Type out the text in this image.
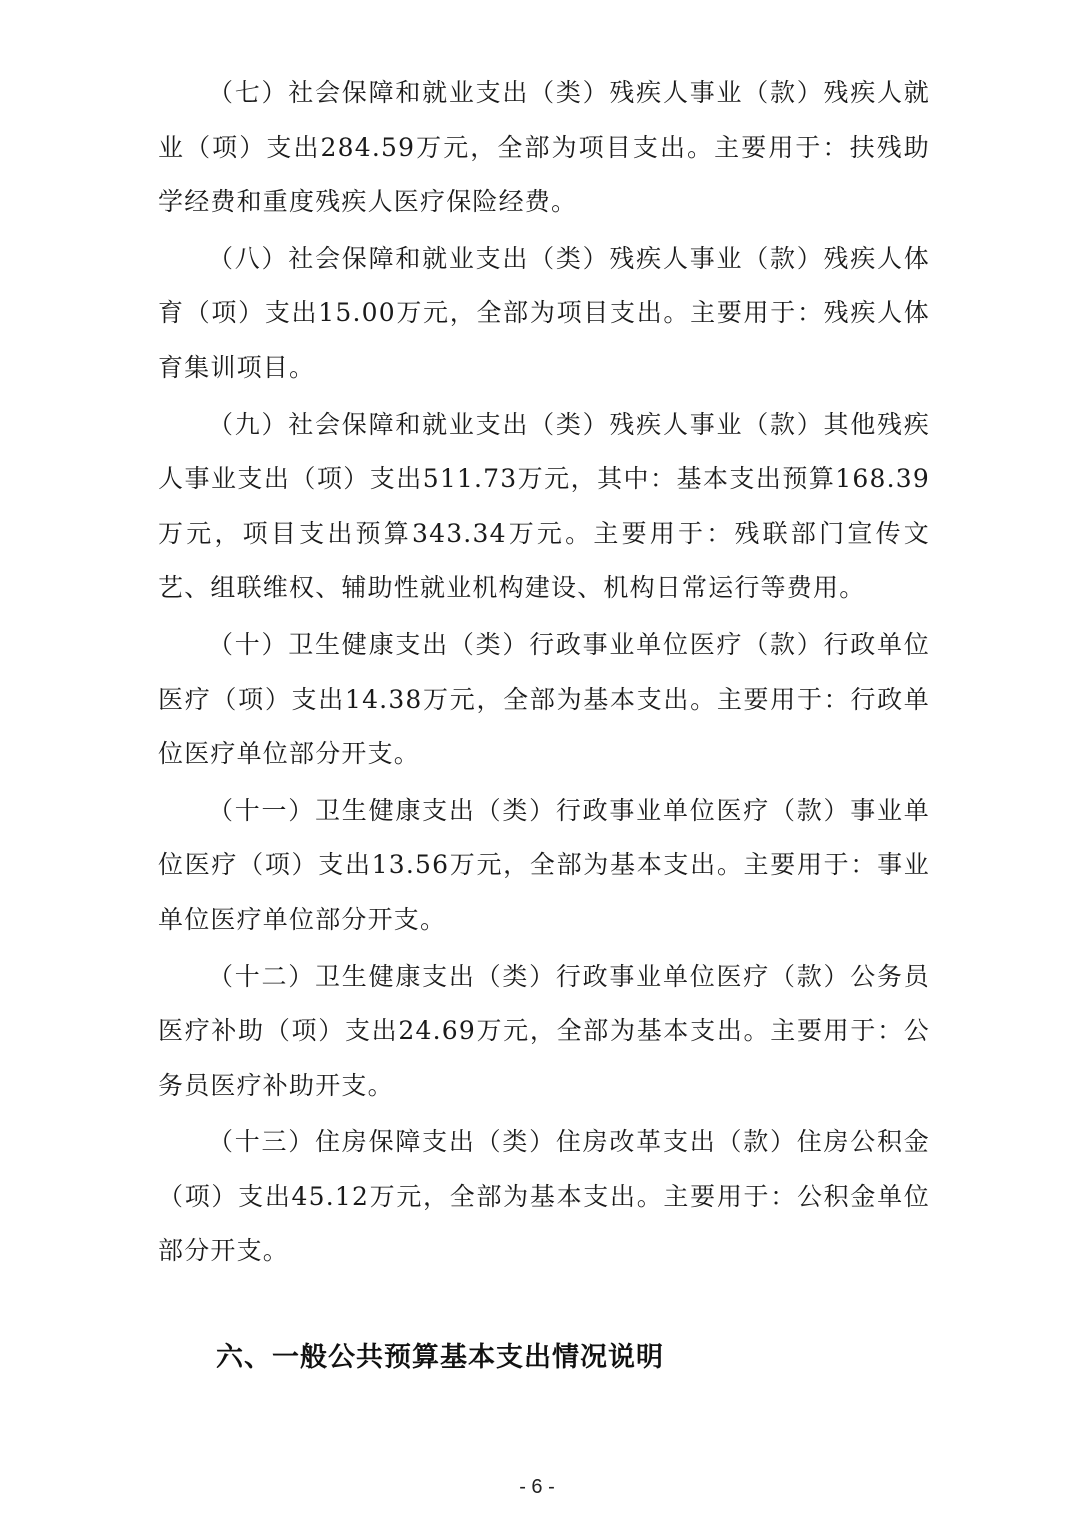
（七）社会保障和就业支出（类）残疾人事业（款）残疾人就业（项）支出284.59万元，全部为项目支出。主要用于：扶残助学经费和重度残疾人医疗保险经费。

（八）社会保障和就业支出（类）残疾人事业（款）残疾人体育（项）支出15.00万元，全部为项目支出。主要用于：残疾人体育集训项目。

（九）社会保障和就业支出（类）残疾人事业（款）其他残疾人事业支出（项）支出511.73万元，其中：基本支出预算168.39万元，项目支出预算343.34万元。主要用于：残联部门宣传文艺、组联维权、辅助性就业机构建设、机构日常运行等费用。

（十）卫生健康支出（类）行政事业单位医疗（款）行政单位医疗（项）支出14.38万元，全部为基本支出。主要用于：行政单位医疗单位部分开支。

（十一）卫生健康支出（类）行政事业单位医疗（款）事业单位医疗（项）支出13.56万元，全部为基本支出。主要用于：事业单位医疗单位部分开支。

（十二）卫生健康支出（类）行政事业单位医疗（款）公务员医疗补助（项）支出24.69万元，全部为基本支出。主要用于：公务员医疗补助开支。

（十三）住房保障支出（类）住房改革支出（款）住房公积金（项）支出45.12万元，全部为基本支出。主要用于：公积金单位部分开支。

六、一般公共预算基本支出情况说明
- 6 -
